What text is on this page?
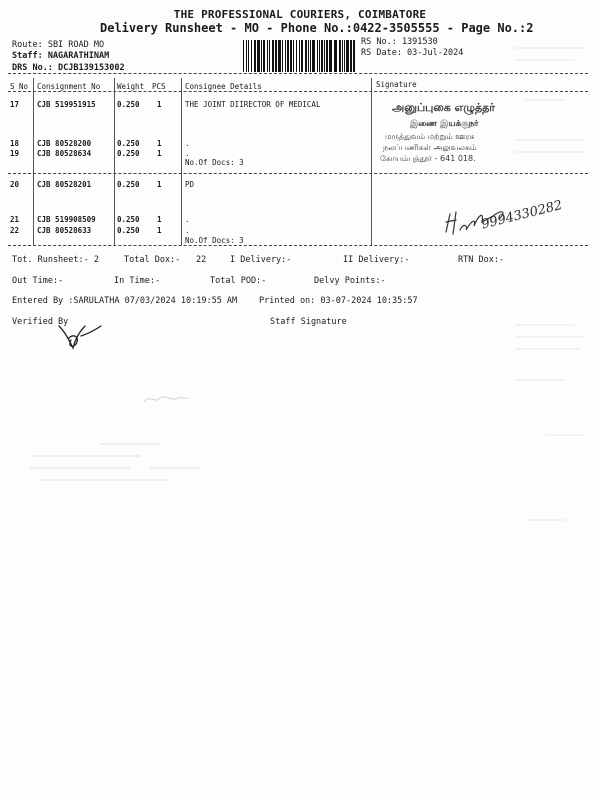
THE PROFESSIONAL COURIERS, COIMBATORE
Delivery Runsheet - MO - Phone No.:0422-3505555 - Page No.:2
Route: SBI ROAD MO
Staff: NAGARATHINAM
DRS No.: DCJB139153002
RS No.: 1391530
RS Date: 03-Jul-2024
S No Consignment No Weight PCS	Consignee Details	Signature
17 CJB 519951915	0.250 1	THE JOINT DIIRECTOR OF MEDICAL
18 CJB 80528200	0.250 1	.
19 CJB 80528634	0.250 1	.
No.Of Docs: 3
20 CJB 80528201	0.250 1	PD
21 CJB 519908509	0.250 1	.
22 CJB 80528633	0.250 1	.
No.Of Docs: 3
அனுப்புகை எழுத்தர்
இணை இயக்குநர்
மருத்துவம் மற்றும் ஊரக
நலப்பணிகள் அலுவலகம்
கோயம்புத்தூர் - 641 018.
9994330282
Tot. Runsheet:- 2	Total Dox:- 22	I Delivery:-	II Delivery:-	RTN Dox:-
Out Time:-	In Time:-	Total POD:-	Delvy Points:-
Entered By :SARULATHA 07/03/2024 10:19:55 AM	Printed on: 03-07-2024 10:35:57
Verified By	Staff Signature
